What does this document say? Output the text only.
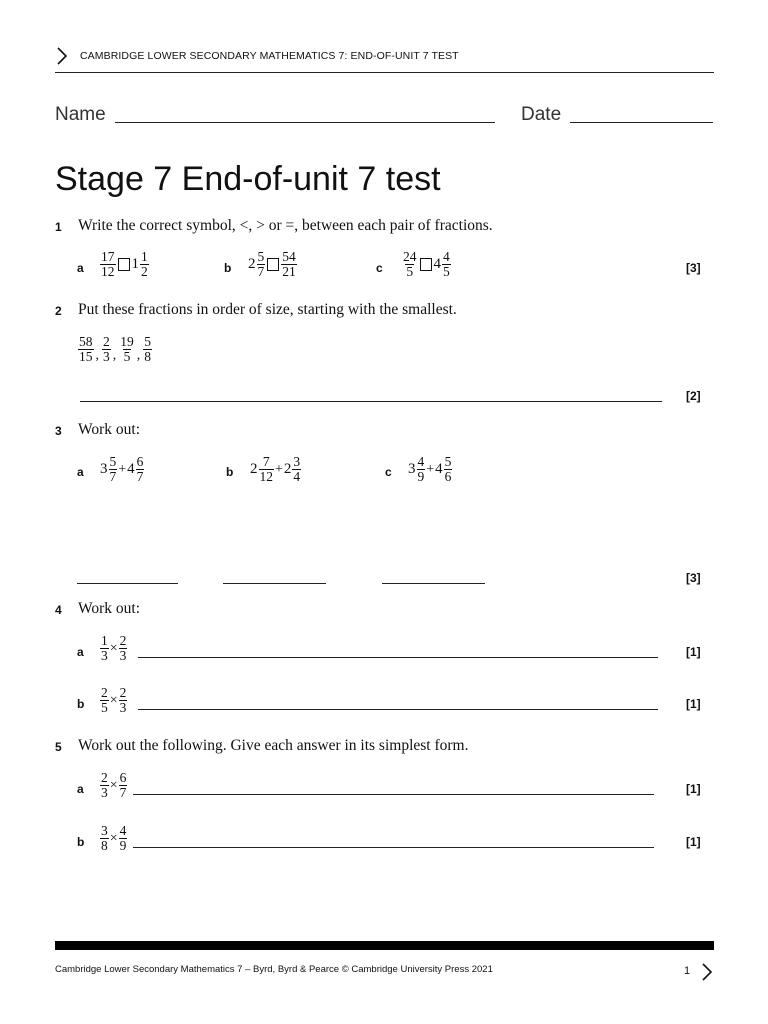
CAMBRIDGE LOWER SECONDARY MATHEMATICS 7: END-OF-UNIT 7 TEST
Name	Date
Stage 7 End-of-unit 7 test
1 Write the correct symbol, <, > or =, between each pair of fractions.
a $\frac{17}{12} 1 \frac{1}{2}$	b $2 \frac{5}{7} \frac{54}{21}$	c $\frac{24}{5} 4 \frac{4}{5}$	[3]
2 Put these fractions in order of size, starting with the smallest.
$\frac{58}{15}$ , $\frac{2}{3}$ , $\frac{19}{5}$ , $\frac{5}{8}$
[2]
3 Work out:
a $3 \frac{5}{7} + 4 \frac{6}{7}$	b $2 \frac{7}{12} + 2 \frac{3}{4}$	c $3 \frac{4}{9} + 4 \frac{5}{6}$
[3]
4 Work out:
a $\frac{1}{3} \times \frac{2}{3}$	[1]
b $\frac{2}{5} \times \frac{2}{3}$	[1]
5 Work out the following. Give each answer in its simplest form.
a $\frac{2}{3} \times \frac{6}{7}$	[1]
b $\frac{3}{8} \times \frac{4}{9}$	[1]
Cambridge Lower Secondary Mathematics 7 – Byrd, Byrd & Pearce © Cambridge University Press 2021	1
